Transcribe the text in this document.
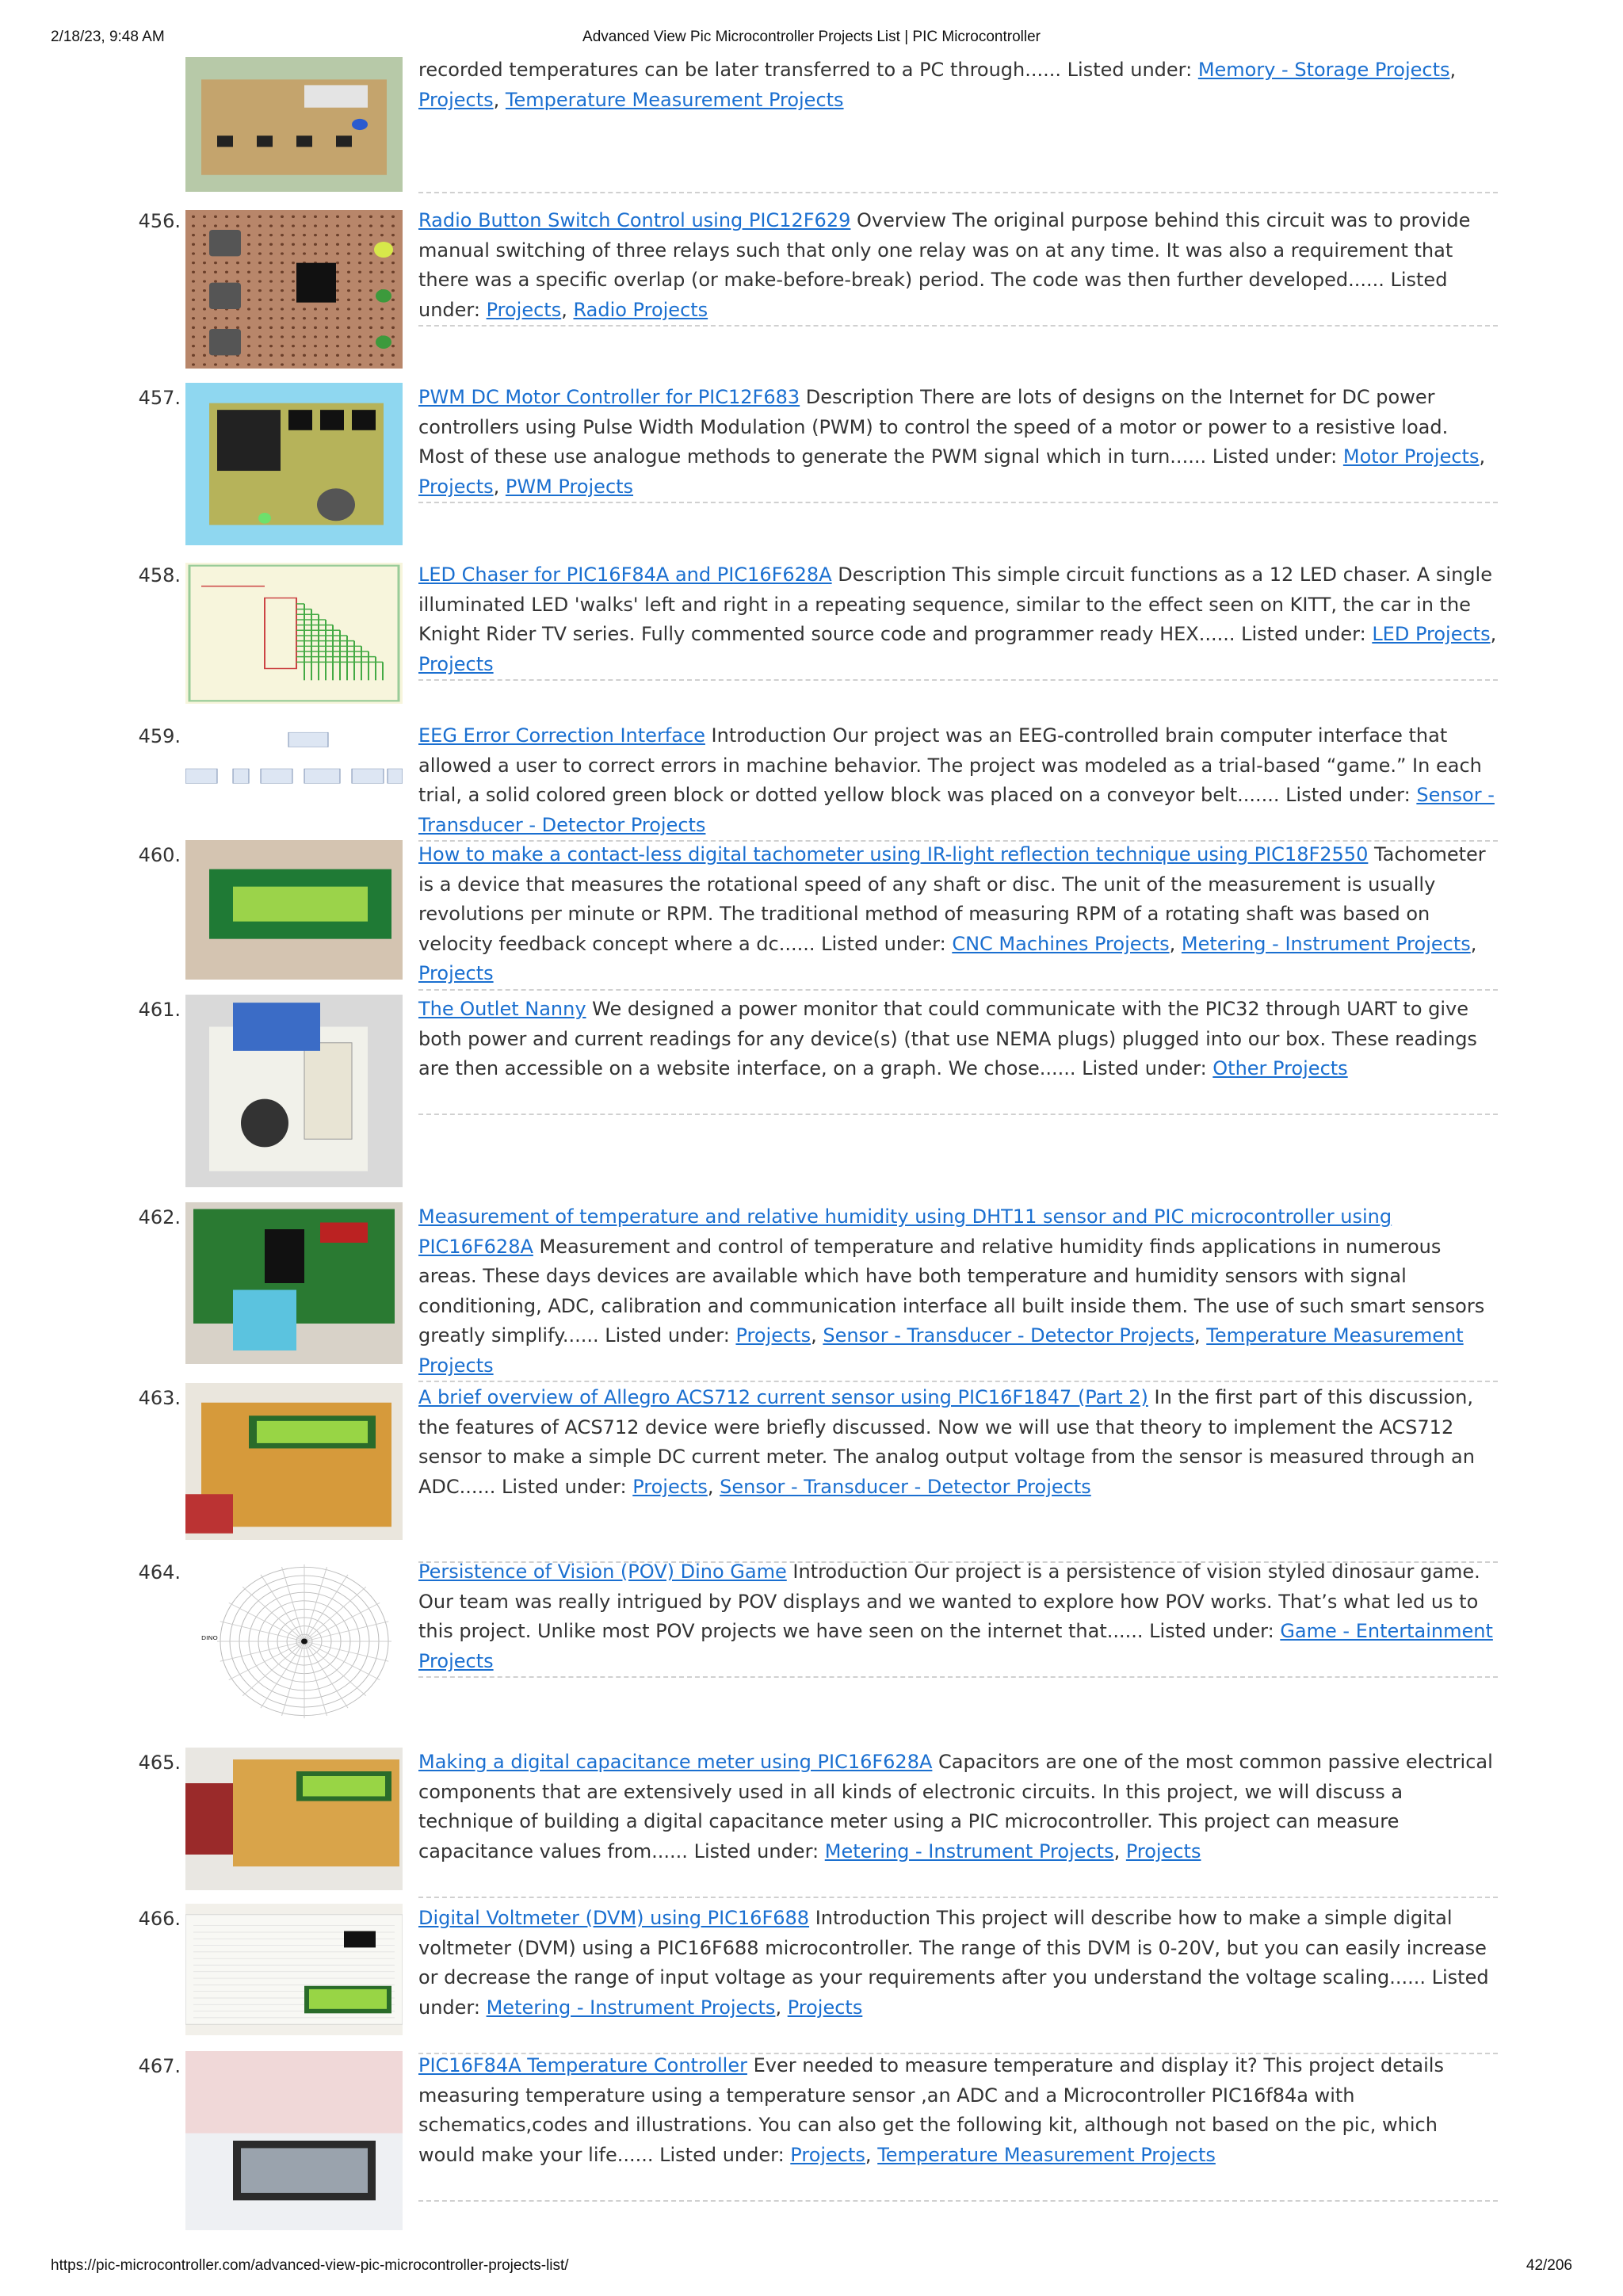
2/18/23, 9:48 AM	Advanced View Pic Microcontroller Projects List | PIC Microcontroller
recorded temperatures can be later transferred to a PC through...... Listed under: Memory - Storage Projects, Projects, Temperature Measurement Projects
456.	Radio Button Switch Control using PIC12F629 Overview The original purpose behind this circuit was to provide manual switching of three relays such that only one relay was on at any time. It was also a requirement that there was a specific overlap (or make-before-break) period. The code was then further developed...... Listed under: Projects, Radio Projects
457.	PWM DC Motor Controller for PIC12F683 Description There are lots of designs on the Internet for DC power controllers using Pulse Width Modulation (PWM) to control the speed of a motor or power to a resistive load. Most of these use analogue methods to generate the PWM signal which in turn...... Listed under: Motor Projects, Projects, PWM Projects
458.	LED Chaser for PIC16F84A and PIC16F628A Description This simple circuit functions as a 12 LED chaser. A single illuminated LED 'walks' left and right in a repeating sequence, similar to the effect seen on KITT, the car in the Knight Rider TV series. Fully commented source code and programmer ready HEX...... Listed under: LED Projects, Projects
459.	EEG Error Correction Interface Introduction Our project was an EEG-controlled brain computer interface that allowed a user to correct errors in machine behavior. The project was modeled as a trial-based “game.” In each trial, a solid colored green block or dotted yellow block was placed on a conveyor belt....... Listed under: Sensor - Transducer - Detector Projects
460.	How to make a contact-less digital tachometer using IR-light reflection technique using PIC18F2550 Tachometer is a device that measures the rotational speed of any shaft or disc. The unit of the measurement is usually revolutions per minute or RPM. The traditional method of measuring RPM of a rotating shaft was based on velocity feedback concept where a dc...... Listed under: CNC Machines Projects, Metering - Instrument Projects, Projects
461.	The Outlet Nanny We designed a power monitor that could communicate with the PIC32 through UART to give both power and current readings for any device(s) (that use NEMA plugs) plugged into our box. These readings are then accessible on a website interface, on a graph. We chose...... Listed under: Other Projects
462.	Measurement of temperature and relative humidity using DHT11 sensor and PIC microcontroller using PIC16F628A Measurement and control of temperature and relative humidity finds applications in numerous areas. These days devices are available which have both temperature and humidity sensors with signal conditioning, ADC, calibration and communication interface all built inside them. The use of such smart sensors greatly simplify...... Listed under: Projects, Sensor - Transducer - Detector Projects, Temperature Measurement Projects
463.	A brief overview of Allegro ACS712 current sensor using PIC16F1847 (Part 2) In the first part of this discussion, the features of ACS712 device were briefly discussed. Now we will use that theory to implement the ACS712 sensor to make a simple DC current meter. The analog output voltage from the sensor is measured through an ADC...... Listed under: Projects, Sensor - Transducer - Detector Projects
464.
DINO
Persistence of Vision (POV) Dino Game Introduction Our project is a persistence of vision styled dinosaur game. Our team was really intrigued by POV displays and we wanted to explore how POV works. That’s what led us to this project. Unlike most POV projects we have seen on the internet that...... Listed under: Game - Entertainment Projects
465.	Making a digital capacitance meter using PIC16F628A Capacitors are one of the most common passive electrical components that are extensively used in all kinds of electronic circuits. In this project, we will discuss a technique of building a digital capacitance meter using a PIC microcontroller. This project can measure capacitance values from...... Listed under: Metering - Instrument Projects, Projects
466.	Digital Voltmeter (DVM) using PIC16F688 Introduction This project will describe how to make a simple digital voltmeter (DVM) using a PIC16F688 microcontroller. The range of this DVM is 0-20V, but you can easily increase or decrease the range of input voltage as your requirements after you understand the voltage scaling...... Listed under: Metering - Instrument Projects, Projects
467.	PIC16F84A Temperature Controller Ever needed to measure temperature and display it? This project details measuring temperature using a temperature sensor ,an ADC and a Microcontroller PIC16f84a with schematics,codes and illustrations. You can also get the following kit, although not based on the pic, which would make your life...... Listed under: Projects, Temperature Measurement Projects
https://pic-microcontroller.com/advanced-view-pic-microcontroller-projects-list/	42/206
